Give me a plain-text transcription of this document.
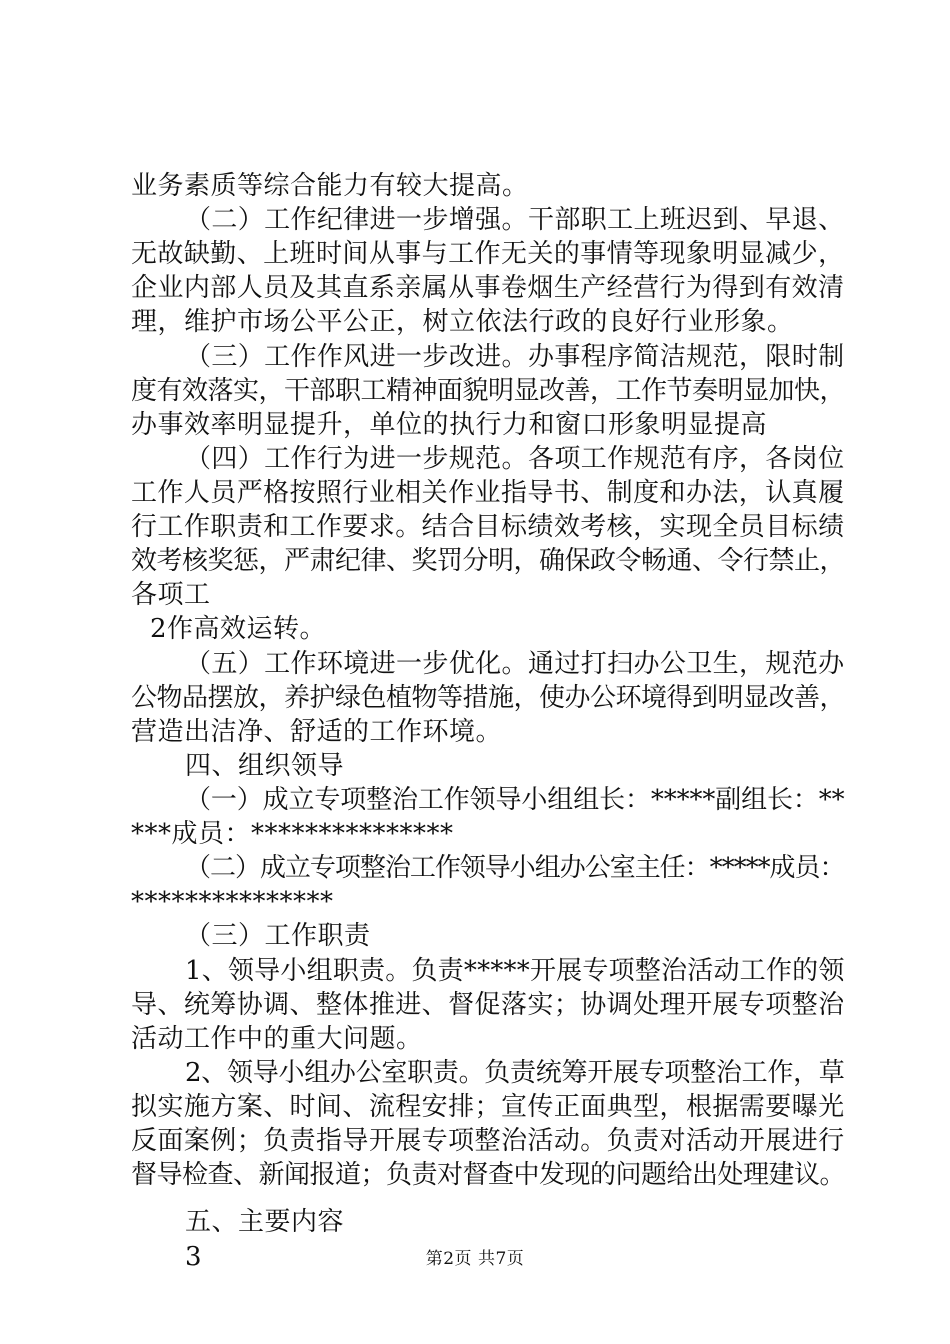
第2页 共7页
业务素质等综合能力有较大提高。
（二）工作纪律进一步增强。干部职工上班迟到、早退、
无故缺勤、上班时间从事与工作无关的事情等现象明显减少，
企业内部人员及其直系亲属从事卷烟生产经营行为得到有效清
理，维护市场公平公正，树立依法行政的良好行业形象。
（三）工作作风进一步改进。办事程序简洁规范，限时制
度有效落实，干部职工精神面貌明显改善，工作节奏明显加快，
办事效率明显提升，单位的执行力和窗口形象明显提高
（四）工作行为进一步规范。各项工作规范有序，各岗位
工作人员严格按照行业相关作业指导书、制度和办法，认真履
行工作职责和工作要求。结合目标绩效考核，实现全员目标绩
效考核奖惩，严肃纪律、奖罚分明，确保政令畅通、令行禁止，
各项工
2作高效运转。
（五）工作环境进一步优化。通过打扫办公卫生，规范办
公物品摆放，养护绿色植物等措施，使办公环境得到明显改善，
营造出洁净、舒适的工作环境。
四、组织领导
（一）成立专项整治工作领导小组组长：*****副组长：**
***成员：***************
（二）成立专项整治工作领导小组办公室主任：*****成员：
***************
（三）工作职责
1、领导小组职责。负责*****开展专项整治活动工作的领
导、统筹协调、整体推进、督促落实；协调处理开展专项整治
活动工作中的重大问题。
2、领导小组办公室职责。负责统筹开展专项整治工作，草
拟实施方案、时间、流程安排；宣传正面典型，根据需要曝光
反面案例；负责指导开展专项整治活动。负责对活动开展进行
督导检查、新闻报道；负责对督查中发现的问题给出处理建议。
五、主要内容
3
